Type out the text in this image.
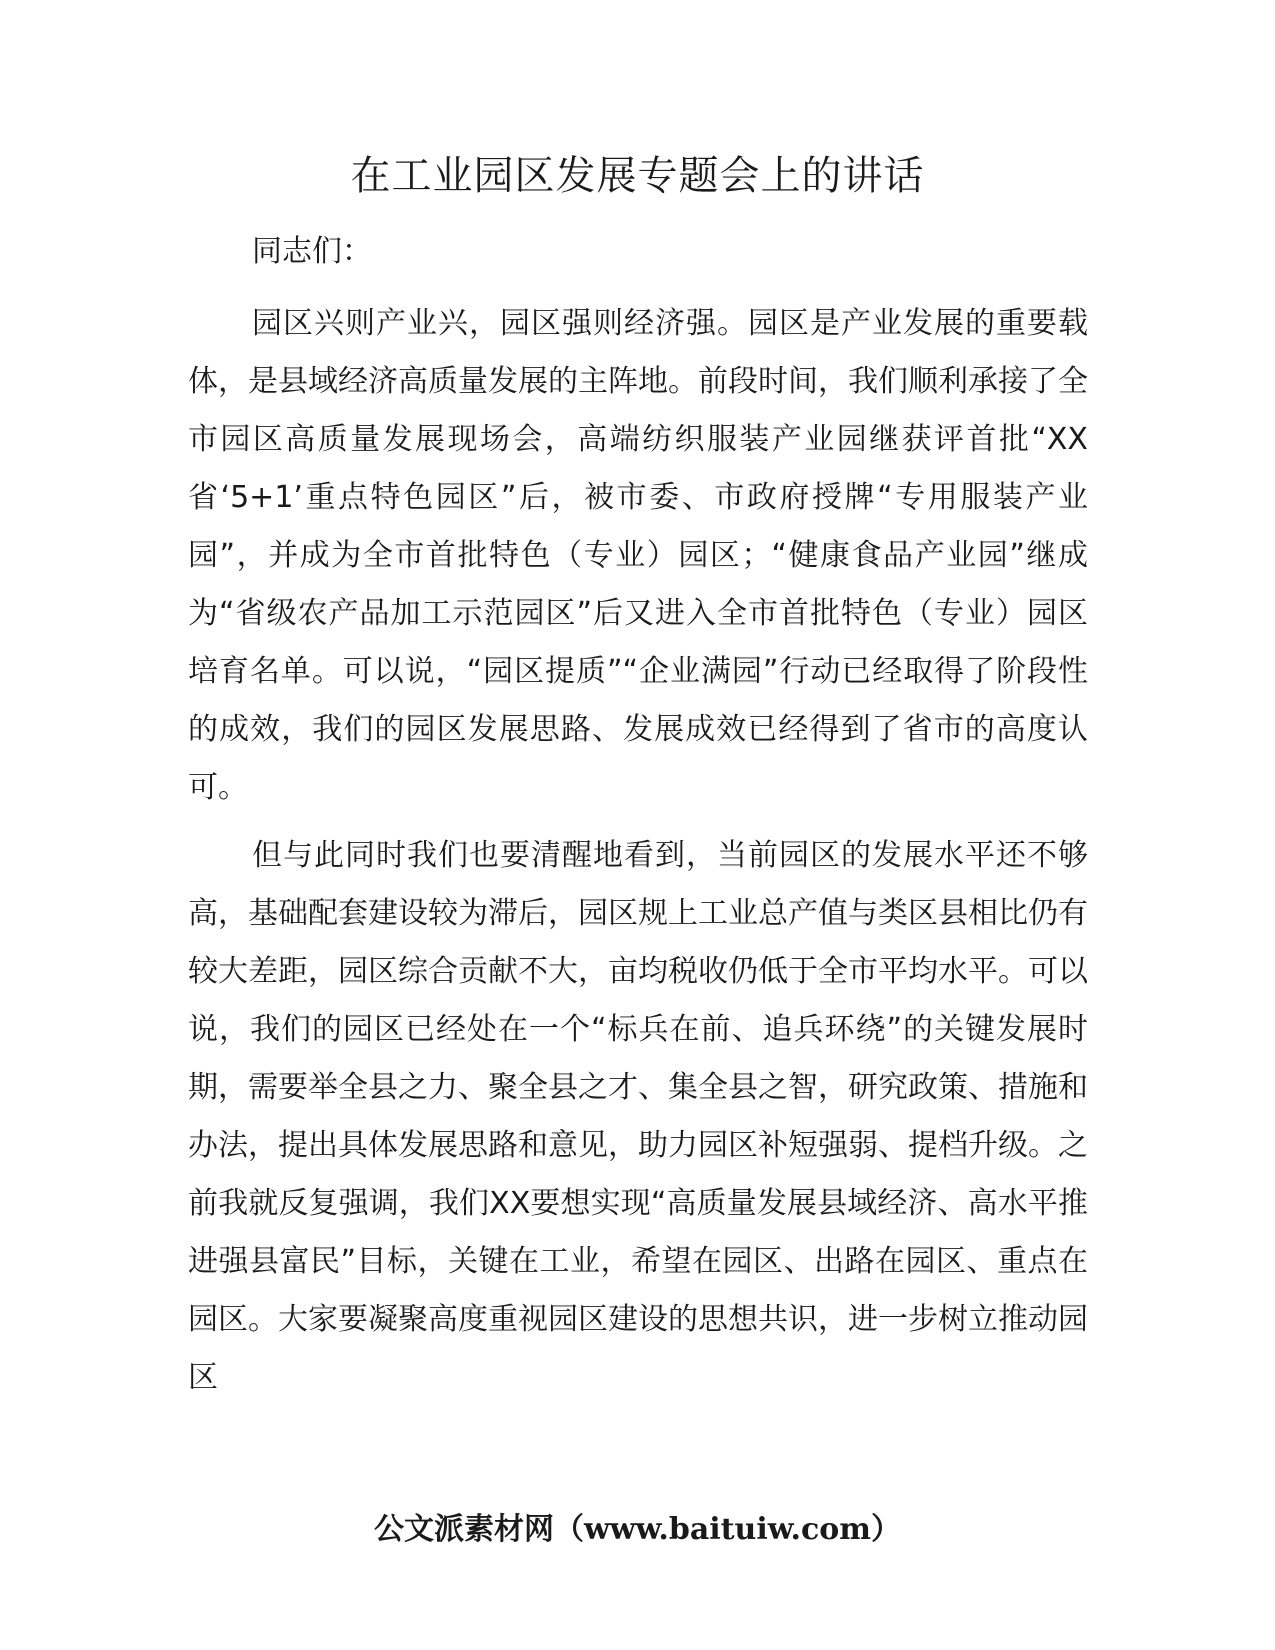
在工业园区发展专题会上的讲话
同志们：

园区兴则产业兴，园区强则经济强。园区是产业发展的重要载体，是县域经济高质量发展的主阵地。前段时间，我们顺利承接了全市园区高质量发展现场会，高端纺织服装产业园继获评首批“XX省‘5+1’重点特色园区”后，被市委、市政府授牌“专用服装产业园”，并成为全市首批特色（专业）园区；“健康食品产业园”继成为“省级农产品加工示范园区”后又进入全市首批特色（专业）园区培育名单。可以说，“园区提质”“企业满园”行动已经取得了阶段性的成效，我们的园区发展思路、发展成效已经得到了省市的高度认可。

但与此同时我们也要清醒地看到，当前园区的发展水平还不够高，基础配套建设较为滞后，园区规上工业总产值与类区县相比仍有较大差距，园区综合贡献不大，亩均税收仍低于全市平均水平。可以说，我们的园区已经处在一个“标兵在前、追兵环绕”的关键发展时期，需要举全县之力、聚全县之才、集全县之智，研究政策、措施和办法，提出具体发展思路和意见，助力园区补短强弱、提档升级。之前我就反复强调，我们XX要想实现“高质量发展县域经济、高水平推进强县富民”目标，关键在工业，希望在园区、出路在园区、重点在园区。大家要凝聚高度重视园区建设的思想共识，进一步树立推动园区

公文派素材网（www.baituiw.com）
